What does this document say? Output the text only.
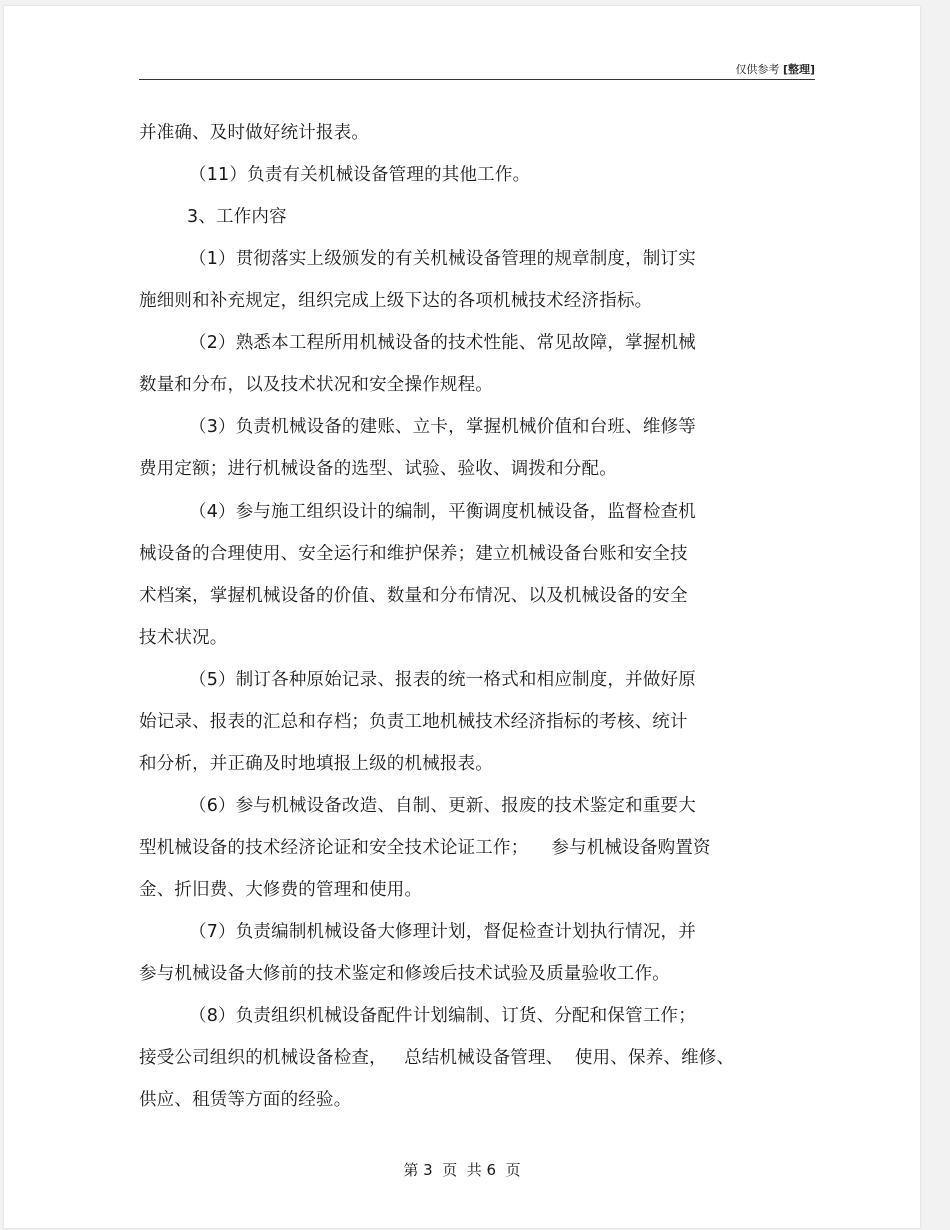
仅供参考 [整理]
并准确、及时做好统计报表。
（11）负责有关机械设备管理的其他工作。
3、工作内容
（1）贯彻落实上级颁发的有关机械设备管理的规章制度，制订实
施细则和补充规定，组织完成上级下达的各项机械技术经济指标。
（2）熟悉本工程所用机械设备的技术性能、常见故障，掌握机械
数量和分布，以及技术状况和安全操作规程。
（3）负责机械设备的建账、立卡，掌握机械价值和台班、维修等
费用定额；进行机械设备的选型、试验、验收、调拨和分配。
（4）参与施工组织设计的编制，平衡调度机械设备，监督检查机
械设备的合理使用、安全运行和维护保养；建立机械设备台账和安全技
术档案，掌握机械设备的价值、数量和分布情况、以及机械设备的安全
技术状况。
（5）制订各种原始记录、报表的统一格式和相应制度，并做好原
始记录、报表的汇总和存档；负责工地机械技术经济指标的考核、统计
和分析，并正确及时地填报上级的机械报表。
（6）参与机械设备改造、自制、更新、报废的技术鉴定和重要大
型机械设备的技术经济论证和安全技术论证工作；    参与机械设备购置资
金、折旧费、大修费的管理和使用。
（7）负责编制机械设备大修理计划，督促检查计划执行情况，并
参与机械设备大修前的技术鉴定和修竣后技术试验及质量验收工作。
（8）负责组织机械设备配件计划编制、订货、分配和保管工作；
接受公司组织的机械设备检查，   总结机械设备管理、  使用、保养、维修、
供应、租赁等方面的经验。
第 3  页  共 6  页
